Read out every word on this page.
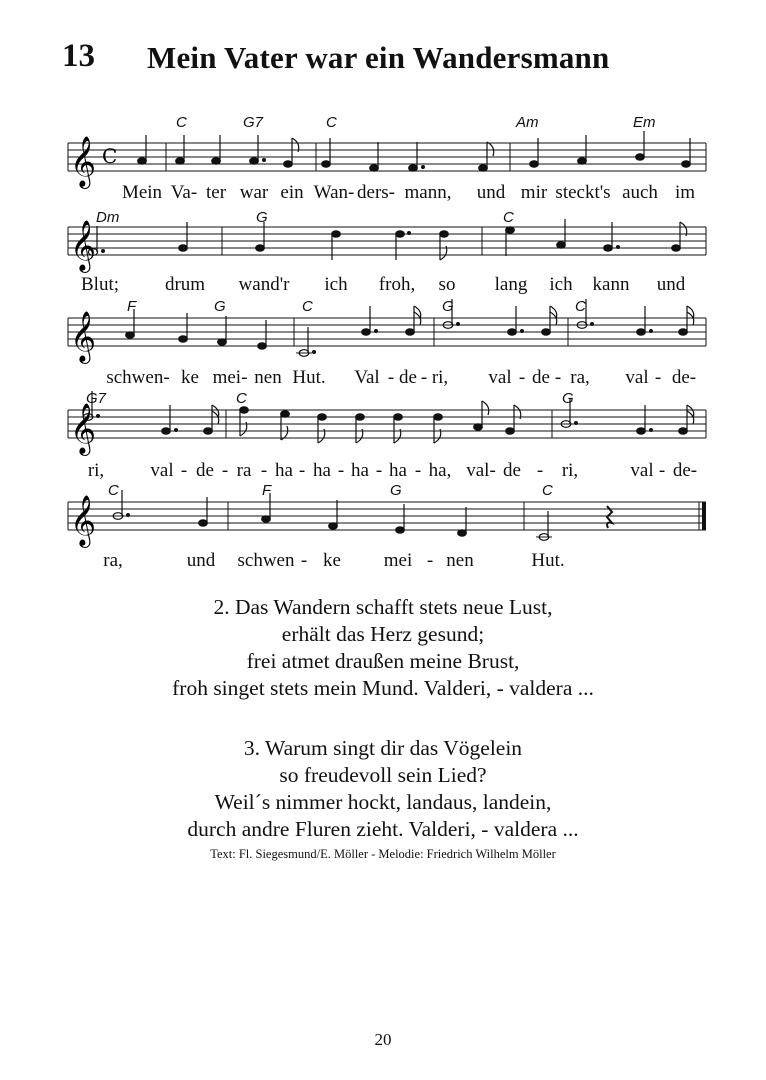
13 Mein Vater war ein Wandersmann
𝄞 C
C	G7	C	Am	Em
Mein Va- ter war ein Wan- ders- mann, und mir steckt's auch im
𝄞
Dm	G	C
Blut; drum wand'r ich froh, so lang ich kann und
𝄞
F	G	C	G	C
schwen- ke mei- nen Hut. Val - de - ri, val - de - ra, val - de-
𝄞
G7	C	G
ri, val - de - ra - ha - ha - ha - ha - ha, val- de - ri,	val - de-
𝄞
C	F	G	C
ra,	und schwen - ke mei - nen	Hut.
2. Das Wandern schafft stets neue Lust,
erhält das Herz gesund;
frei atmet draußen meine Brust,
froh singet stets mein Mund. Valderi, - valdera ...
3. Warum singt dir das Vögelein
so freudevoll sein Lied?
Weil´s nimmer hockt, landaus, landein,
durch andre Fluren zieht. Valderi, - valdera ...
Text: Fl. Siegesmund/E. Möller - Melodie: Friedrich Wilhelm Möller
20
